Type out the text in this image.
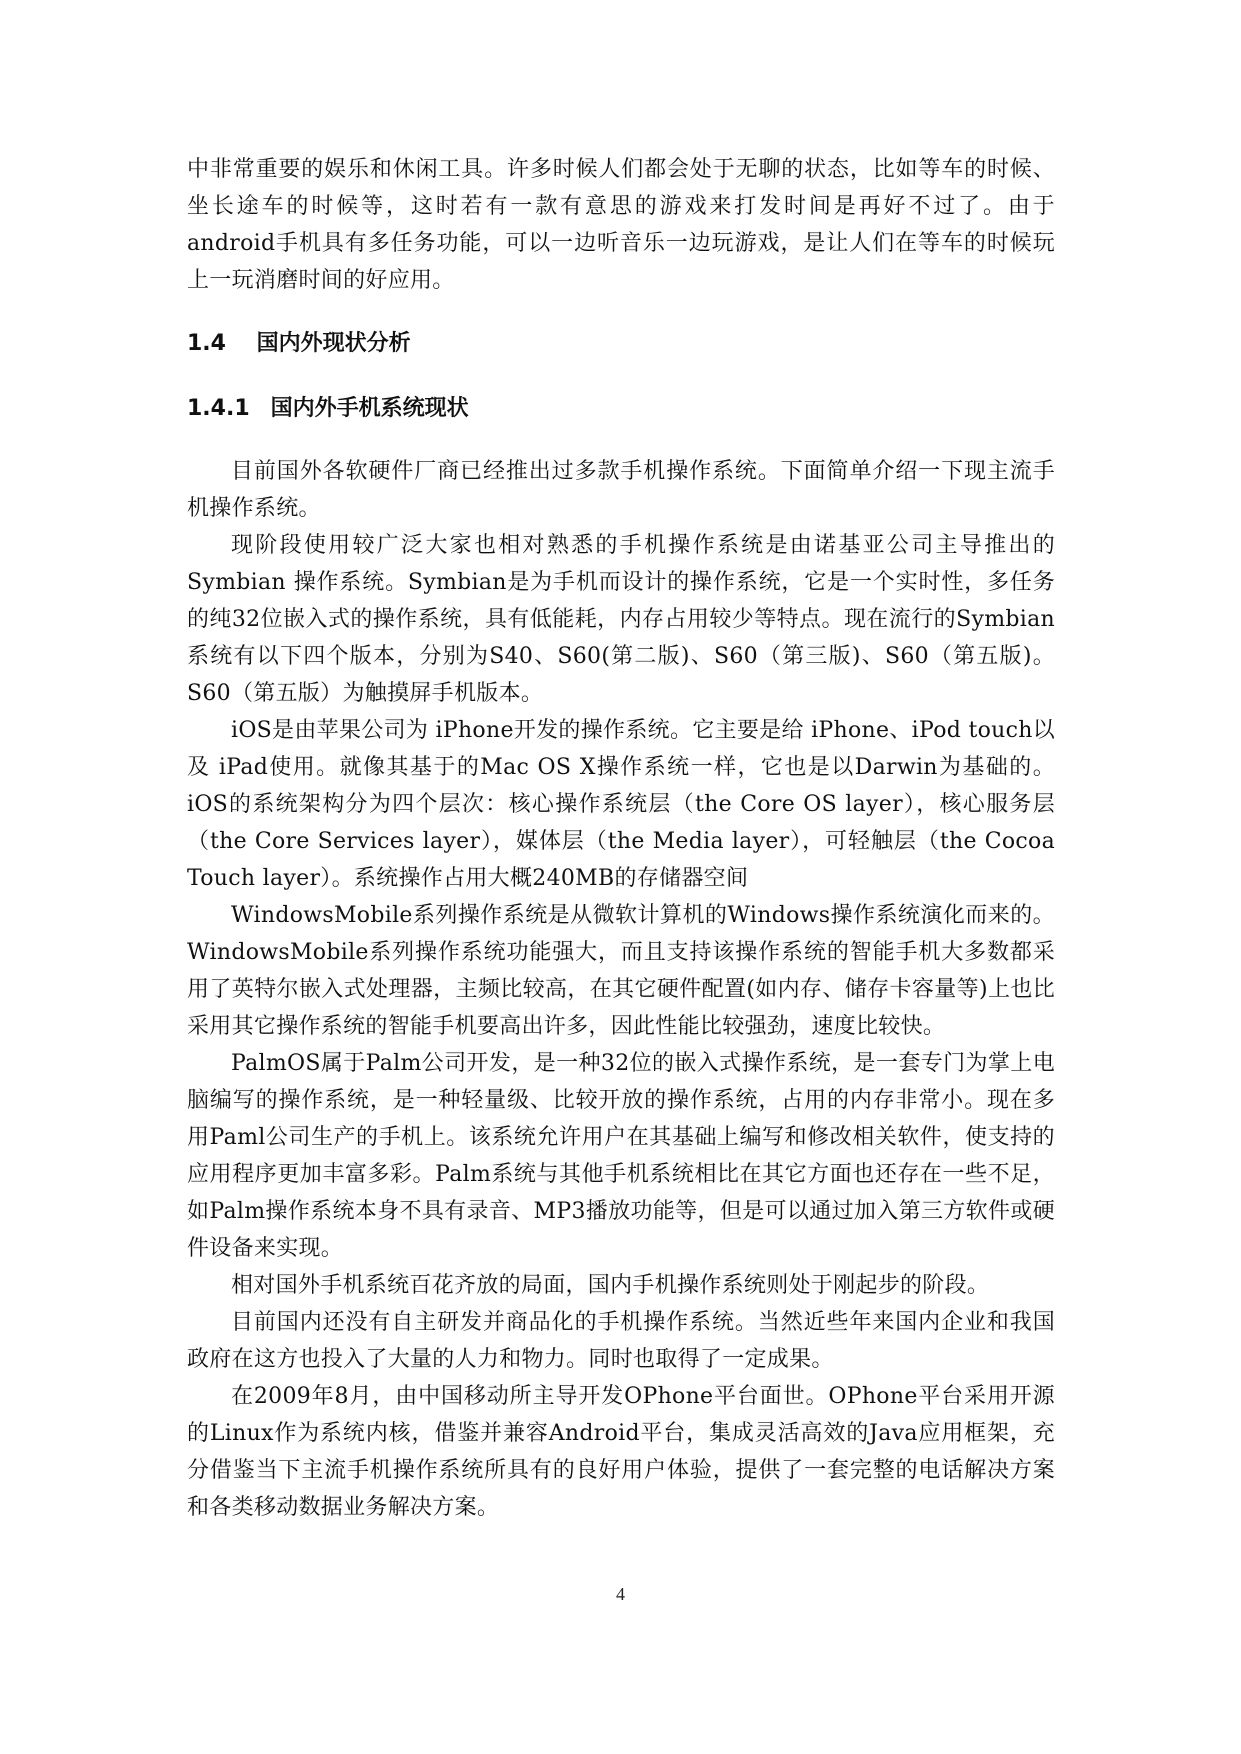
中非常重要的娱乐和休闲工具。许多时候人们都会处于无聊的状态，比如等车的时候、坐长途车的时候等，这时若有一款有意思的游戏来打发时间是再好不过了。由于android手机具有多任务功能，可以一边听音乐一边玩游戏，是让人们在等车的时候玩上一玩消磨时间的好应用。

1.4 国内外现状分析
1.4.1 国内外手机系统现状

目前国外各软硬件厂商已经推出过多款手机操作系统。下面简单介绍一下现主流手机操作系统。

现阶段使用较广泛大家也相对熟悉的手机操作系统是由诺基亚公司主导推出的Symbian 操作系统。Symbian是为手机而设计的操作系统，它是一个实时性，多任务的纯32位嵌入式的操作系统，具有低能耗，内存占用较少等特点。现在流行的Symbian系统有以下四个版本，分别为S40、S60(第二版)、S60（第三版)、S60（第五版)。S60（第五版）为触摸屏手机版本。

iOS是由苹果公司为 iPhone开发的操作系统。它主要是给 iPhone、iPod touch以及 iPad使用。就像其基于的Mac OS X操作系统一样，它也是以Darwin为基础的。iOS的系统架构分为四个层次：核心操作系统层（the Core OS layer），核心服务层（the Core Services layer），媒体层（the Media layer），可轻触层（the Cocoa Touch layer）。系统操作占用大概240MB的存储器空间

WindowsMobile系列操作系统是从微软计算机的Windows操作系统演化而来的。WindowsMobile系列操作系统功能强大，而且支持该操作系统的智能手机大多数都采用了英特尔嵌入式处理器，主频比较高，在其它硬件配置(如内存、储存卡容量等)上也比采用其它操作系统的智能手机要高出许多，因此性能比较强劲，速度比较快。

PalmOS属于Palm公司开发，是一种32位的嵌入式操作系统，是一套专门为掌上电脑编写的操作系统，是一种轻量级、比较开放的操作系统，占用的内存非常小。现在多用Paml公司生产的手机上。该系统允许用户在其基础上编写和修改相关软件，使支持的应用程序更加丰富多彩。Palm系统与其他手机系统相比在其它方面也还存在一些不足，如Palm操作系统本身不具有录音、MP3播放功能等，但是可以通过加入第三方软件或硬件设备来实现。

相对国外手机系统百花齐放的局面，国内手机操作系统则处于刚起步的阶段。

目前国内还没有自主研发并商品化的手机操作系统。当然近些年来国内企业和我国政府在这方也投入了大量的人力和物力。同时也取得了一定成果。

在2009年8月，由中国移动所主导开发OPhone平台面世。OPhone平台采用开源的Linux作为系统内核，借鉴并兼容Android平台，集成灵活高效的Java应用框架，充分借鉴当下主流手机操作系统所具有的良好用户体验，提供了一套完整的电话解决方案和各类移动数据业务解决方案。

4
